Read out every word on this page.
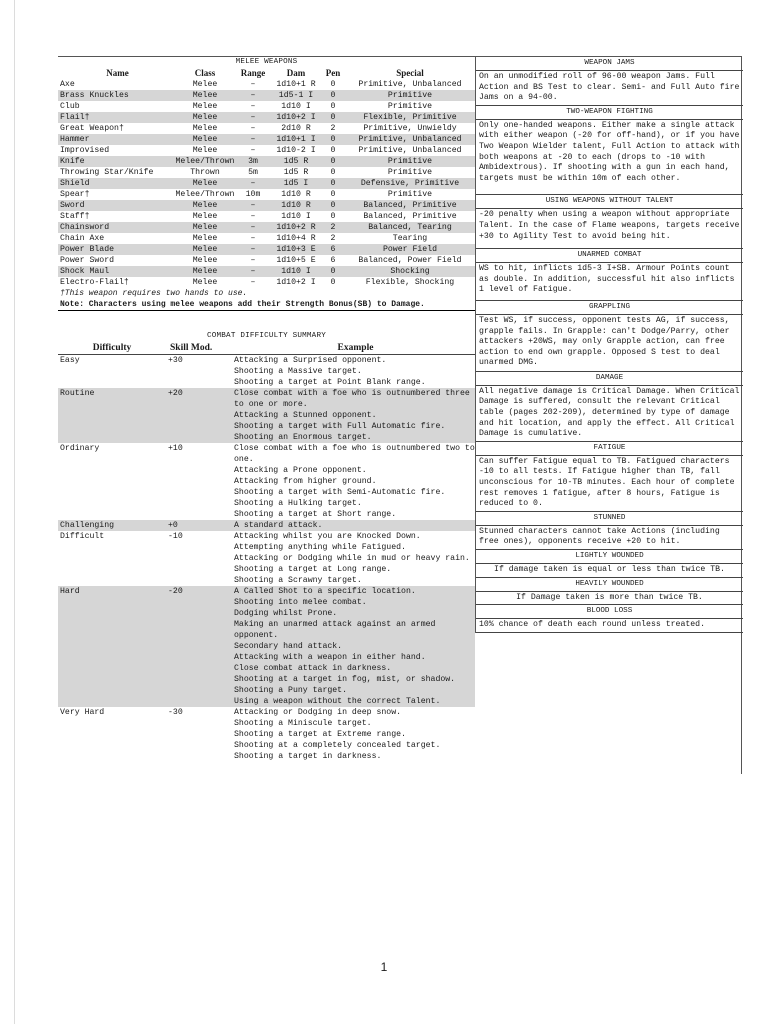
MELEE WEAPONS
Name	Class	Range	Dam	Pen	Special
Axe	Melee	–	1d10+1 R	0	Primitive, Unbalanced
Brass Knuckles	Melee	–	1d5-1 I	0	Primitive
Club	Melee	–	1d10 I	0	Primitive
Flail†	Melee	–	1d10+2 I	0	Flexible, Primitive
Great Weapon†	Melee	–	2d10 R	2	Primitive, Unwieldy
Hammer	Melee	–	1d10+1 I	0	Primitive, Unbalanced
Improvised	Melee	–	1d10-2 I	0	Primitive, Unbalanced
Knife	Melee/Thrown	3m	1d5 R	0	Primitive
Throwing Star/Knife	Thrown	5m	1d5 R	0	Primitive
Shield	Melee	–	1d5 I	0	Defensive, Primitive
Spear†	Melee/Thrown	10m	1d10 R	0	Primitive
Sword	Melee	–	1d10 R	0	Balanced, Primitive
Staff†	Melee	–	1d10 I	0	Balanced, Primitive
Chainsword	Melee	–	1d10+2 R	2	Balanced, Tearing
Chain Axe	Melee	–	1d10+4 R	2	Tearing
Power Blade	Melee	–	1d10+3 E	6	Power Field
Power Sword	Melee	–	1d10+5 E	6	Balanced, Power Field
Shock Maul	Melee	–	1d10 I	0	Shocking
Electro-Flail†	Melee	–	1d10+2 I	0	Flexible, Shocking
†This weapon requires two hands to use.
Note: Characters using melee weapons add their Strength Bonus(SB) to Damage.
COMBAT DIFFICULTY SUMMARY
Difficulty	Skill Mod.	Example
Easy	+30	Attacking a Surprised opponent.
Shooting a Massive target.
Shooting a target at Point Blank range.
Routine	+20	Close combat with a foe who is outnumbered three to one or more.
Attacking a Stunned opponent.
Shooting a target with Full Automatic fire.
Shooting an Enormous target.
Ordinary	+10	Close combat with a foe who is outnumbered two to one.
Attacking a Prone opponent.
Attacking from higher ground.
Shooting a target with Semi-Automatic fire.
Shooting a Hulking target.
Shooting a target at Short range.
Challenging	+0	A standard attack.
Difficult	-10	Attacking whilst you are Knocked Down.
Attempting anything while Fatigued.
Attacking or Dodging while in mud or heavy rain.
Shooting a target at Long range.
Shooting a Scrawny target.
Hard	-20	A Called Shot to a specific location.
Shooting into melee combat.
Dodging whilst Prone.
Making an unarmed attack against an armed opponent.
Secondary hand attack.
Attacking with a weapon in either hand.
Close combat attack in darkness.
Shooting at a target in fog, mist, or shadow.
Shooting a Puny target.
Using a weapon without the correct Talent.
Very Hard	-30	Attacking or Dodging in deep snow.
Shooting a Miniscule target.
Shooting a target at Extreme range.
Shooting at a completely concealed target.
Shooting a target in darkness.
WEAPON JAMS
On an unmodified roll of 96-00 weapon Jams. Full Action and BS Test to clear. Semi- and Full Auto fire Jams on a 94-00.
TWO-WEAPON FIGHTING
Only one-handed weapons. Either make a single attack with either weapon (-20 for off-hand), or if you have Two Weapon Wielder talent, Full Action to attack with both weapons at -20 to each (drops to -10 with Ambidextrous). If shooting with a gun in each hand, targets must be within 10m of each other.
USING WEAPONS WITHOUT TALENT
-20 penalty when using a weapon without appropriate Talent. In the case of Flame weapons, targets receive +30 to Agility Test to avoid being hit.
UNARMED COMBAT
WS to hit, inflicts 1d5-3 I+SB. Armour Points count as double. In addition, successful hit also inflicts 1 level of Fatigue.
GRAPPLING
Test WS, if success, opponent tests AG, if success, grapple fails. In Grapple: can't Dodge/Parry, other attackers +20WS, may only Grapple action, can free action to end own grapple. Opposed S test to deal unarmed DMG.
DAMAGE
All negative damage is Critical Damage. When Critical Damage is suffered, consult the relevant Critical table (pages 202-209), determined by type of damage and hit location, and apply the effect. All Critical Damage is cumulative.
FATIGUE
Can suffer Fatigue equal to TB. Fatigued characters -10 to all tests. If Fatigue higher than TB, fall unconscious for 10-TB minutes. Each hour of complete rest removes 1 fatigue, after 8 hours, Fatigue is reduced to 0.
STUNNED
Stunned characters cannot take Actions (including free ones), opponents receive +20 to hit.
LIGHTLY WOUNDED
If damage taken is equal or less than twice TB.
HEAVILY WOUNDED
If Damage taken is more than twice TB.
BLOOD LOSS
10% chance of death each round unless treated.
1
